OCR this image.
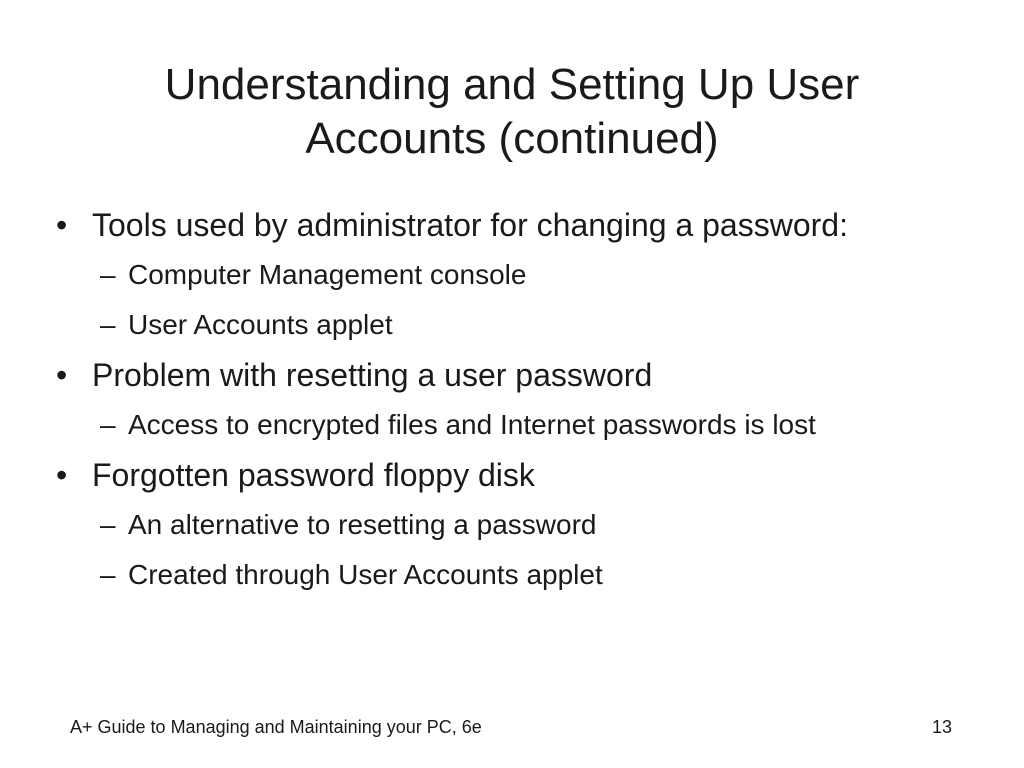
Understanding and Setting Up User
Accounts (continued)
• Tools used by administrator for changing a password:
– Computer Management console
– User Accounts applet
• Problem with resetting a user password
– Access to encrypted files and Internet passwords is lost
• Forgotten password floppy disk
– An alternative to resetting a password
– Created through User Accounts applet
A+ Guide to Managing and Maintaining your PC, 6e	13
